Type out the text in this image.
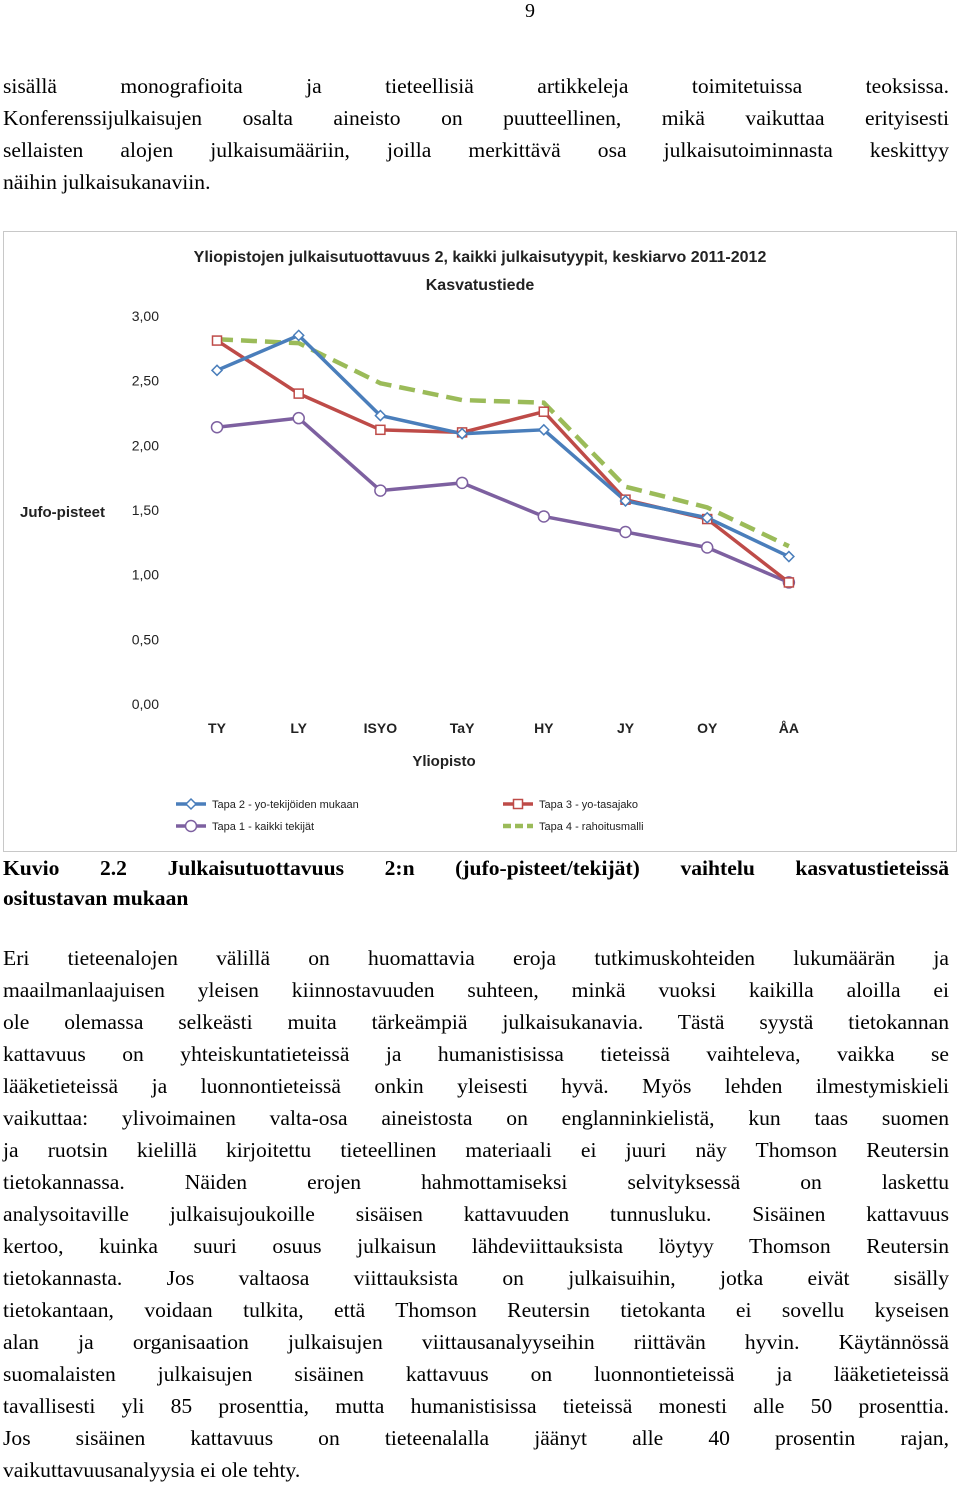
9

sisällä monografioita ja tieteellisiä artikkeleja toimitetuissa teoksissa.
Konferenssijulkaisujen osalta aineisto on puutteellinen, mikä vaikuttaa erityisesti
sellaisten alojen julkaisumääriin, joilla merkittävä osa julkaisutoiminnasta keskittyy
näihin julkaisukanaviin.

Yliopistojen julkaisutuottavuus 2, kaikki julkaisutyypit, keskiarvo 2011-2012
Kasvatustiede
Jufo-pisteet
Yliopisto
0,00
0,50
1,00
1,50
2,00
2,50
3,00
TY	LY	ISYO	TaY	HY	JY	OY	ÅA
Tapa 2 - yo-tekijöiden mukaan	Tapa 3 - yo-tasajako
Tapa 1 - kaikki tekijät	Tapa 4 - rahoitusmalli

Kuvio 2.2 Julkaisutuottavuus 2:n (jufo-pisteet/tekijät) vaihtelu kasvatustieteissä
ositustavan mukaan

Eri tieteenalojen välillä on huomattavia eroja tutkimuskohteiden lukumäärän ja
maailmanlaajuisen yleisen kiinnostavuuden suhteen, minkä vuoksi kaikilla aloilla ei
ole olemassa selkeästi muita tärkeämpiä julkaisukanavia. Tästä syystä tietokannan
kattavuus on yhteiskuntatieteissä ja humanistisissa tieteissä vaihteleva, vaikka se
lääketieteissä ja luonnontieteissä onkin yleisesti hyvä. Myös lehden ilmestymiskieli
vaikuttaa: ylivoimainen valta-osa aineistosta on englanninkielistä, kun taas suomen
ja ruotsin kielillä kirjoitettu tieteellinen materiaali ei juuri näy Thomson Reutersin
tietokannassa. Näiden erojen hahmottamiseksi selvityksessä on laskettu
analysoitaville julkaisujoukoille sisäisen kattavuuden tunnusluku. Sisäinen kattavuus
kertoo, kuinka suuri osuus julkaisun lähdeviittauksista löytyy Thomson Reutersin
tietokannasta. Jos valtaosa viittauksista on julkaisuihin, jotka eivät sisälly
tietokantaan, voidaan tulkita, että Thomson Reutersin tietokanta ei sovellu kyseisen
alan ja organisaation julkaisujen viittausanalyyseihin riittävän hyvin. Käytännössä
suomalaisten julkaisujen sisäinen kattavuus on luonnontieteissä ja lääketieteissä
tavallisesti yli 85 prosenttia, mutta humanistisissa tieteissä monesti alle 50 prosenttia.
Jos sisäinen kattavuus on tieteenalalla jäänyt alle 40 prosentin rajan,
vaikuttavuusanalyysia ei ole tehty.
